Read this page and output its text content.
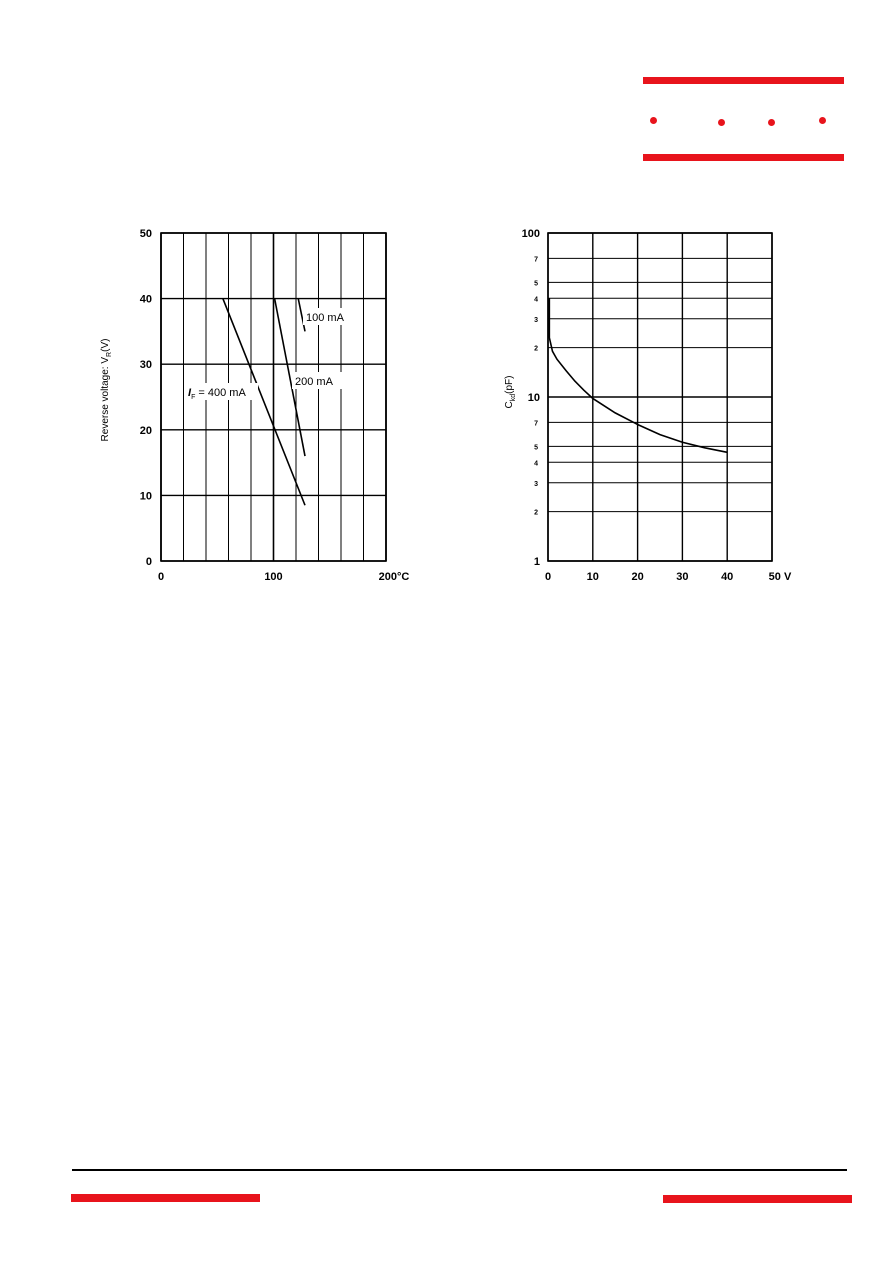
0
10
20
30
40
50
0	100	200°C
Reverse voltage: $V_R(V)$
$I_F = 400$ mA
200 mA
100 mA
1
10
100
2
3
4
5
7
2
3
4
5
7
0	10	20	30	40	50 V
$C_{kd}(pF)$
